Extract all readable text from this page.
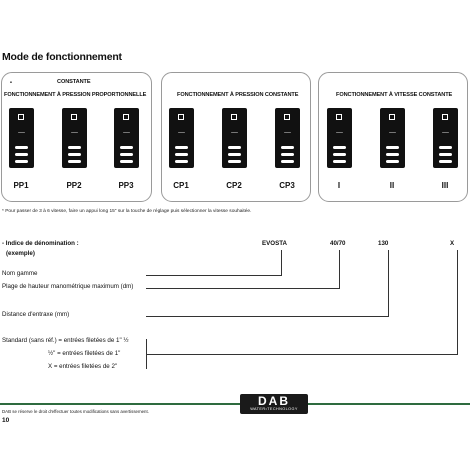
Mode de fonctionnement
•	CONSTANTE
FONCTIONNEMENT À PRESSION PROPORTIONNELLE	FONCTIONNEMENT À PRESSION CONSTANTE	FONCTIONNEMENT À VITESSE CONSTANTE
PP1	PP2	PP3	CP1	CP2	CP3	I	II	III
* Pour passer de 3 à 6 vitesse, faire un appui long 15" sur la touche de réglage puis sélectionner la vitesse souhaitée.
- Indice de dénomination :
(exemple)
EVOSTA	40/70	130	X
Nom gamme
Plage de hauteur manométrique maximum (dm)
Distance d'entraxe (mm)
Standard (sans réf.) = entrées filetées de 1" ½
½" = entrées filetées de 1"
X = entrées filetées de 2"
DAB
WATER•TECHNOLOGY
DAB se réserve le droit d'effectuer toutes modifications sans avertissement.
10
